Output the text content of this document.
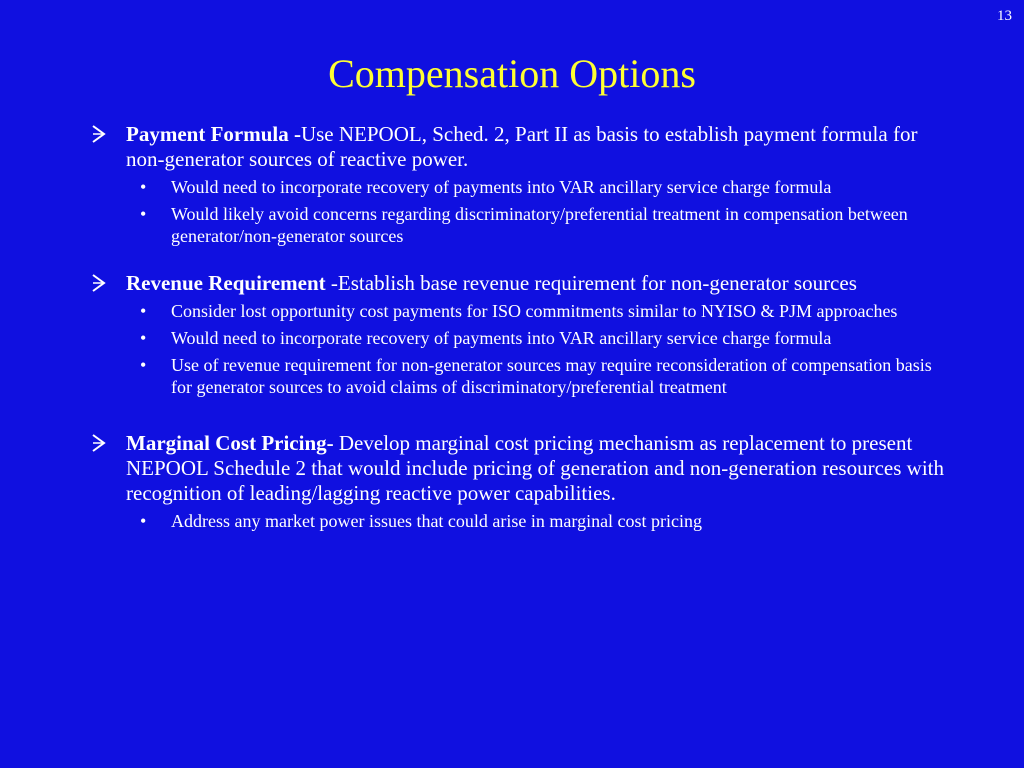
13
Compensation Options
Payment Formula -Use NEPOOL, Sched. 2, Part II as basis to establish payment formula for non-generator sources of reactive power.
• Would need to incorporate recovery of payments into VAR ancillary service charge formula
• Would likely avoid concerns regarding discriminatory/preferential treatment in compensation between generator/non-generator sources
Revenue Requirement -Establish base revenue requirement for non-generator sources
• Consider lost opportunity cost payments for ISO commitments similar to NYISO & PJM approaches
• Would need to incorporate recovery of payments into VAR ancillary service charge formula
• Use of revenue requirement for non-generator sources may require reconsideration of compensation basis for generator sources to avoid claims of discriminatory/preferential treatment
Marginal Cost Pricing- Develop marginal cost pricing mechanism as replacement to present NEPOOL Schedule 2 that would include pricing of generation and non-generation resources with recognition of leading/lagging reactive power capabilities.
• Address any market power issues that could arise in marginal cost pricing
